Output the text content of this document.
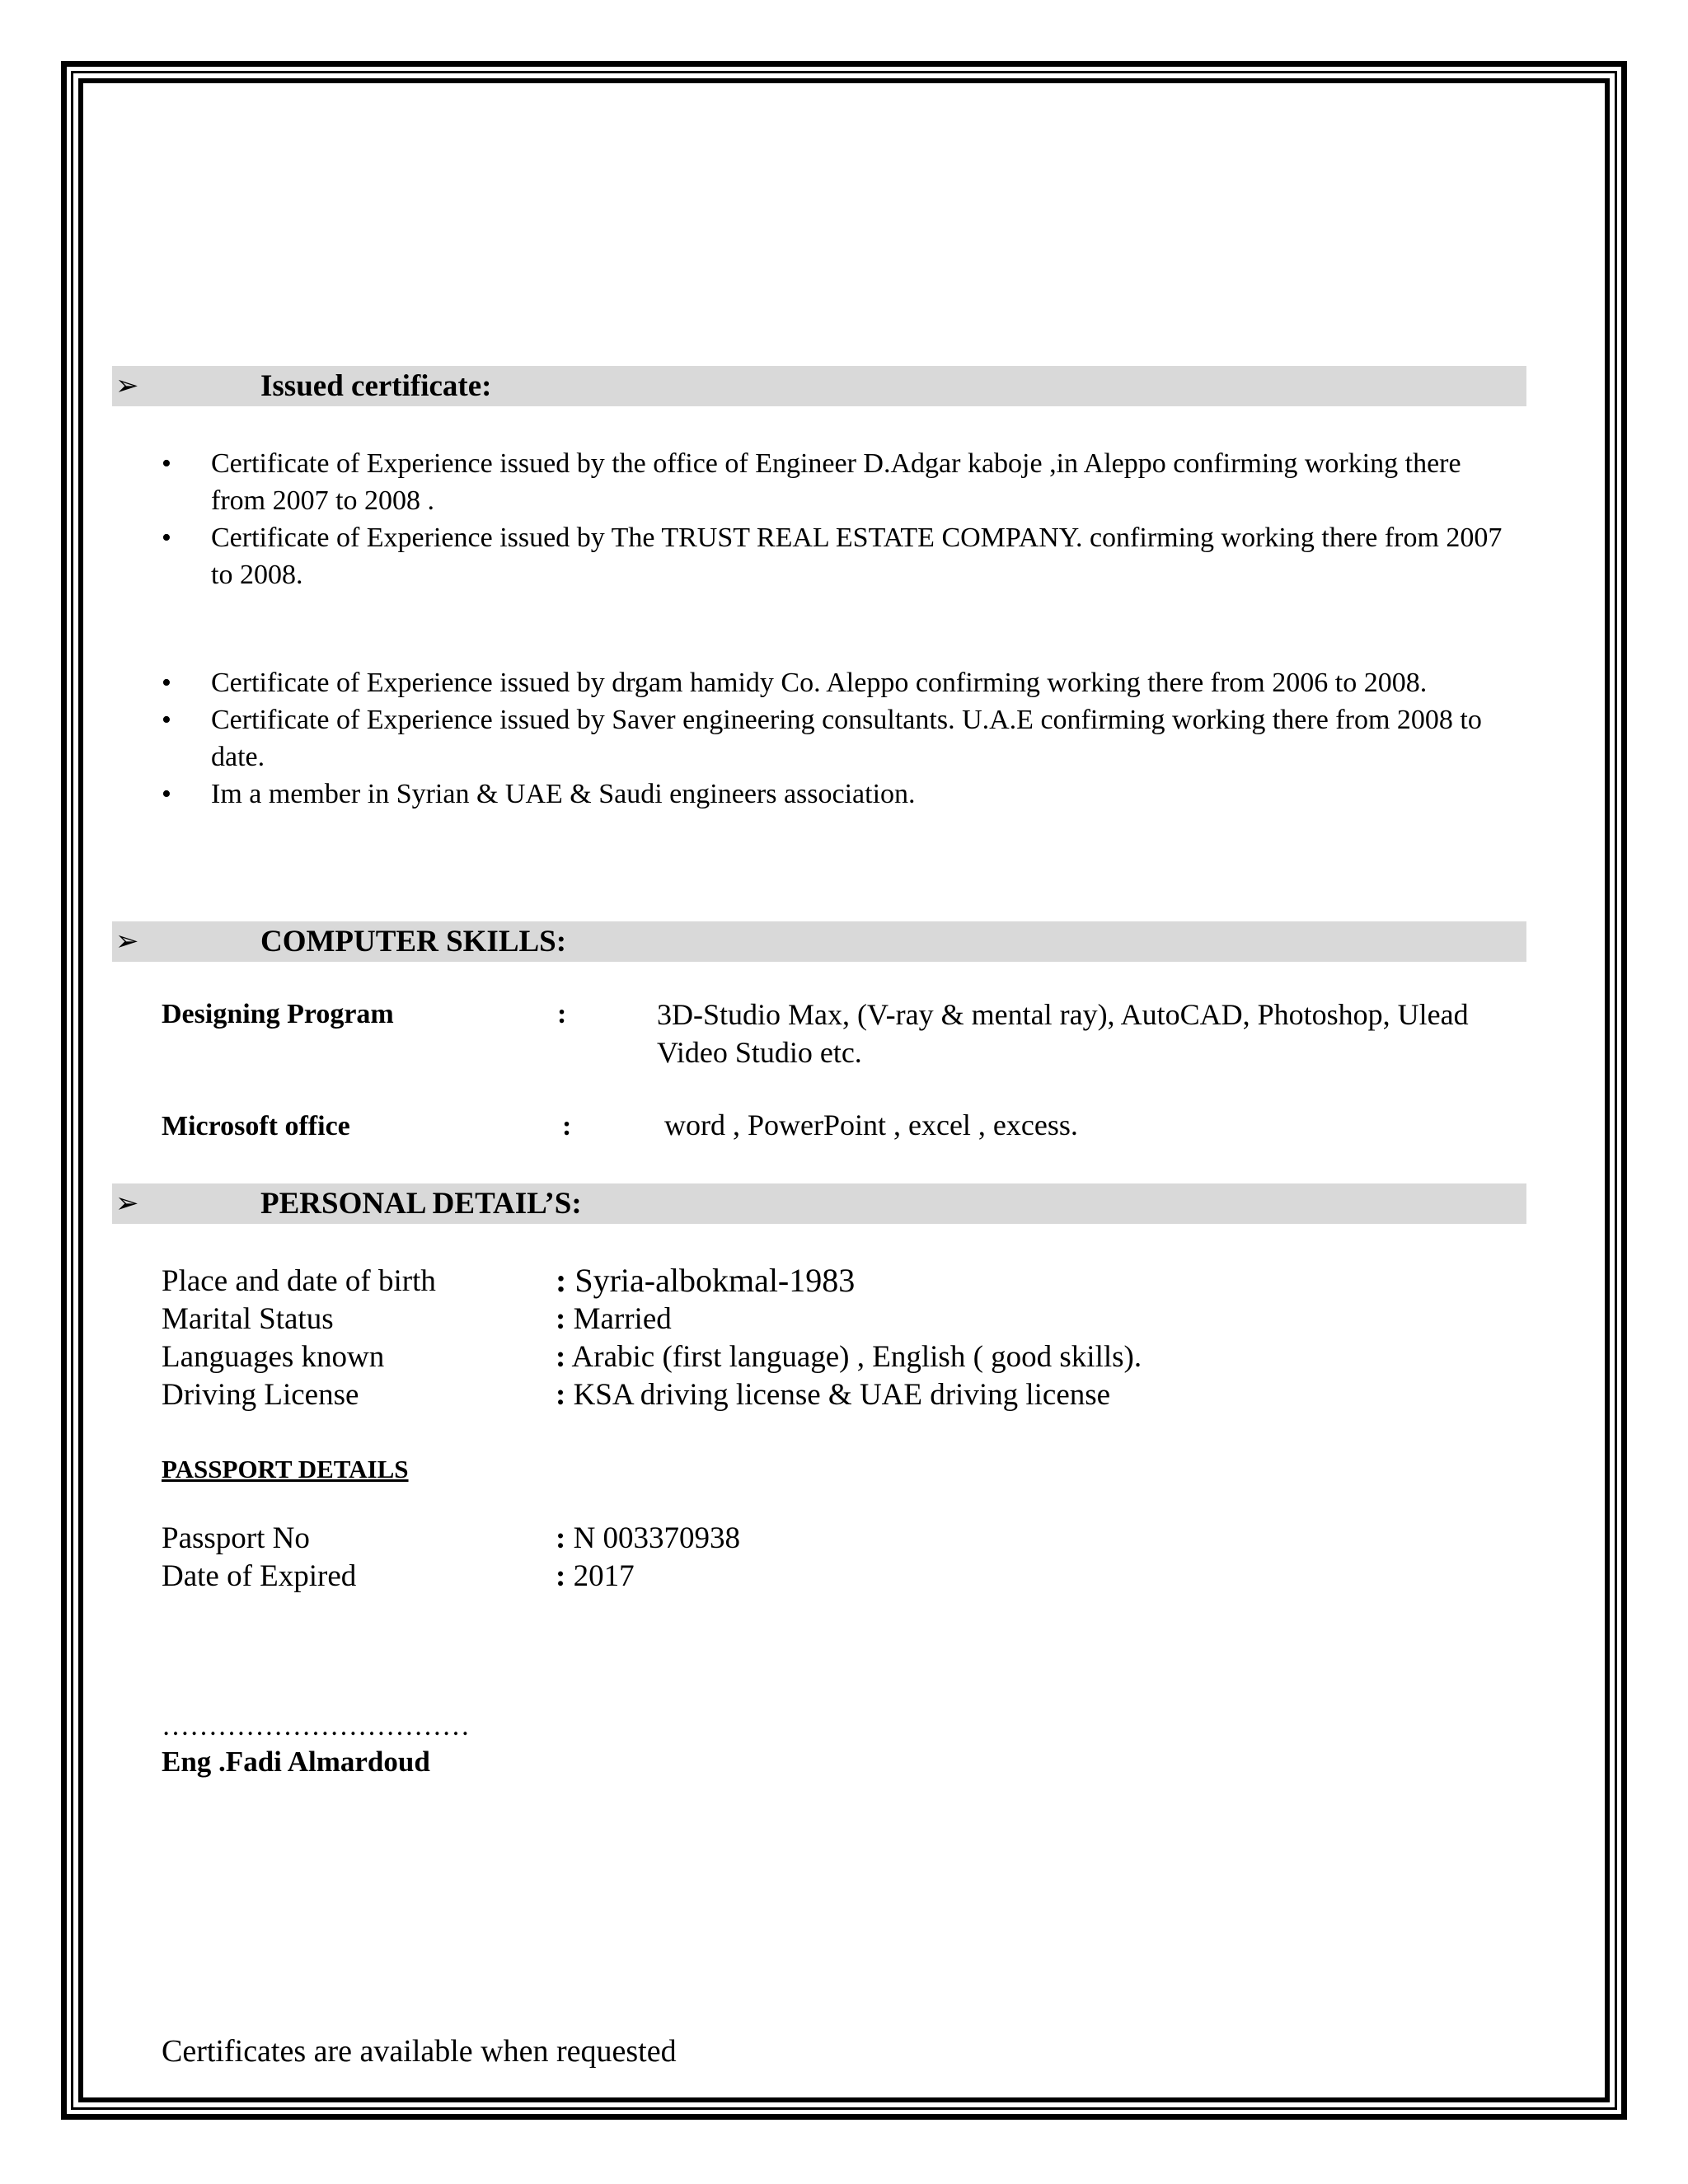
➢	Issued certificate:
• Certificate of Experience issued by the office of Engineer D.Adgar kaboje ,in Aleppo confirming working there from 2007 to 2008 .
• Certificate of Experience issued by The TRUST REAL ESTATE COMPANY. confirming working there from 2007 to 2008.
• Certificate of Experience issued by drgam hamidy Co. Aleppo confirming working there from 2006 to 2008.
• Certificate of Experience issued by Saver engineering consultants. U.A.E confirming working there from 2008 to date.
• Im a member in Syrian & UAE & Saudi engineers association.
➢	COMPUTER SKILLS:
Designing Program	:	3D-Studio Max, (V-ray & mental ray), AutoCAD, Photoshop, Ulead Video Studio etc.
Microsoft office	:	word , PowerPoint , excel , excess.
➢	PERSONAL DETAIL’S:
Place and date of birth	: Syria-albokmal-1983
Marital Status	: Married
Languages known	: Arabic (first language) , English ( good skills).
Driving License	: KSA driving license & UAE driving license
PASSPORT DETAILS
Passport No	: N 003370938
Date of Expired	: 2017
……………………………
Eng .Fadi Almardoud
Certificates are available when requested
